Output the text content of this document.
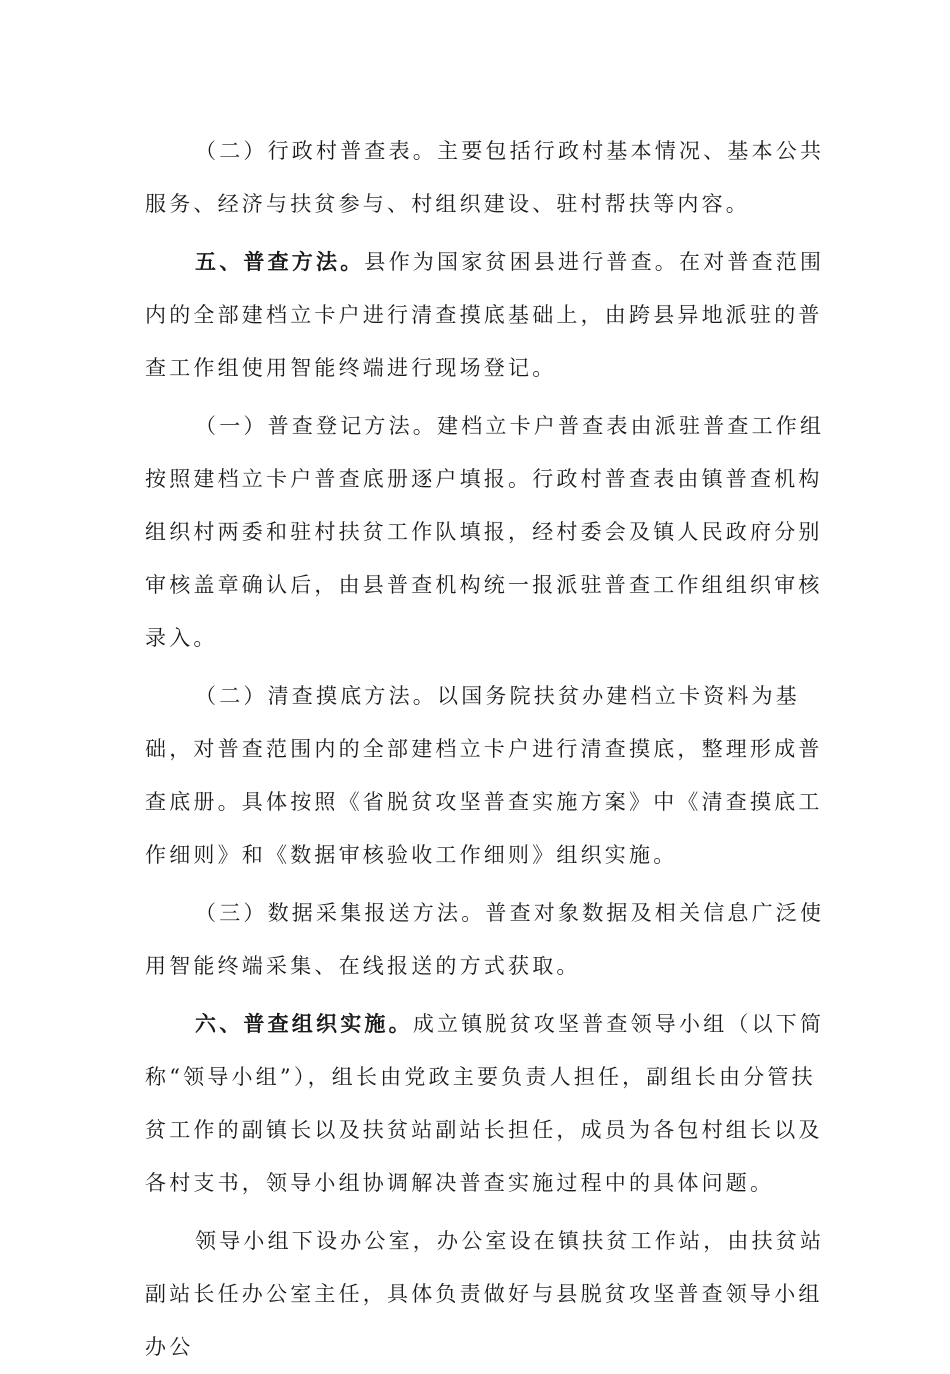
（二）行政村普查表。主要包括行政村基本情况、基本公共服务、经济与扶贫参与、村组织建设、驻村帮扶等内容。

五、普查方法。县作为国家贫困县进行普查。在对普查范围内的全部建档立卡户进行清查摸底基础上，由跨县异地派驻的普查工作组使用智能终端进行现场登记。

（一）普查登记方法。建档立卡户普查表由派驻普查工作组按照建档立卡户普查底册逐户填报。行政村普查表由镇普查机构组织村两委和驻村扶贫工作队填报，经村委会及镇人民政府分别审核盖章确认后，由县普查机构统一报派驻普查工作组组织审核录入。

（二）清查摸底方法。以国务院扶贫办建档立卡资料为基础，对普查范围内的全部建档立卡户进行清查摸底，整理形成普查底册。具体按照《省脱贫攻坚普查实施方案》中《清查摸底工作细则》和《数据审核验收工作细则》组织实施。

（三）数据采集报送方法。普查对象数据及相关信息广泛使用智能终端采集、在线报送的方式获取。

六、普查组织实施。成立镇脱贫攻坚普查领导小组（以下简称“领导小组”），组长由党政主要负责人担任，副组长由分管扶贫工作的副镇长以及扶贫站副站长担任，成员为各包村组长以及各村支书，领导小组协调解决普查实施过程中的具体问题。

领导小组下设办公室，办公室设在镇扶贫工作站，由扶贫站副站长任办公室主任，具体负责做好与县脱贫攻坚普查领导小组办公
